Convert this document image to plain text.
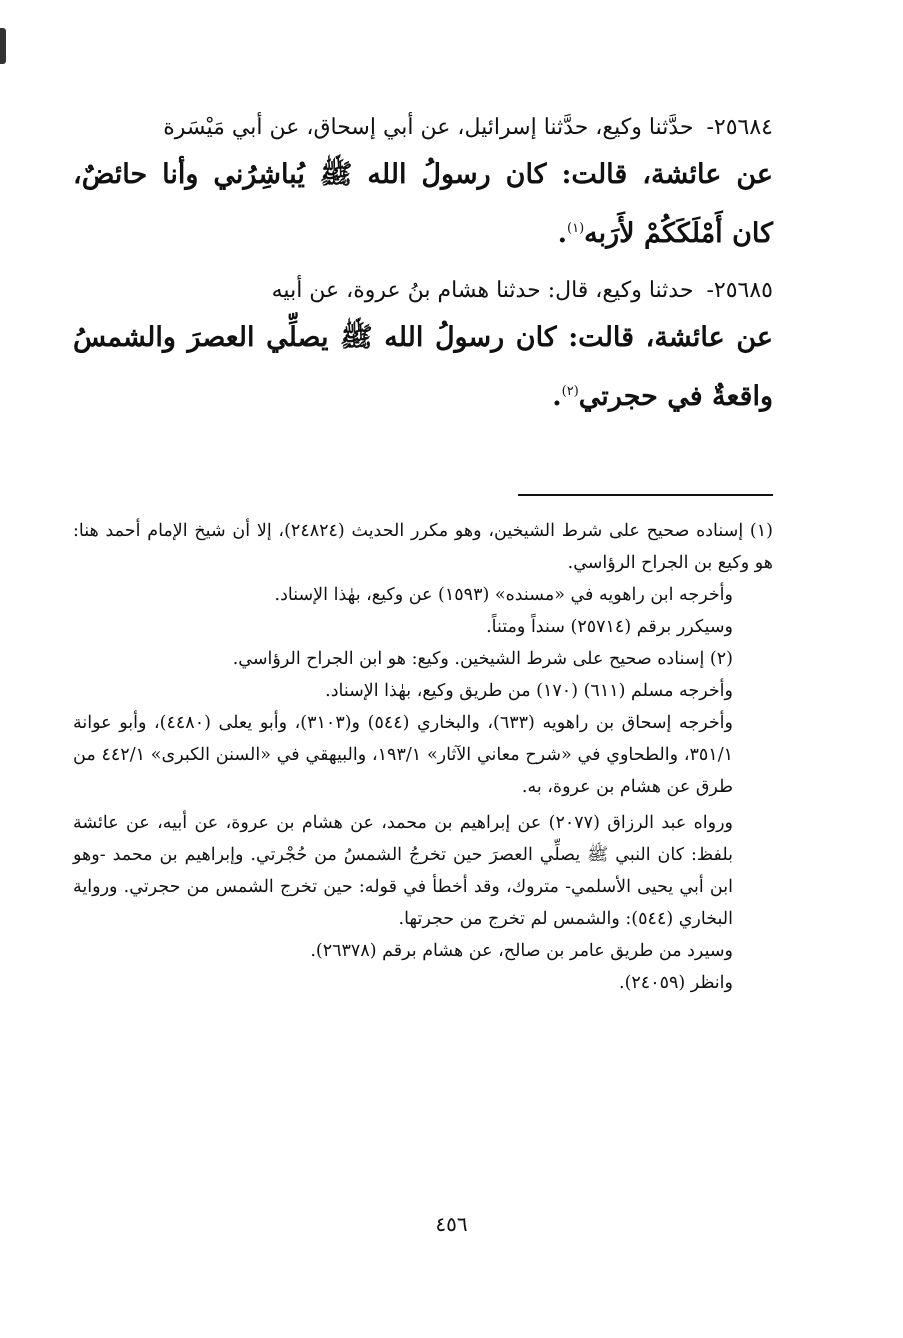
٢٥٦٨٤- حدَّثنا وكيع، حدَّثنا إسرائيل، عن أبي إسحاق، عن أبي مَيْسَرة

عن عائشة، قالت: كان رسولُ الله ﷺ يُباشِرُني وأنا حائضٌ، كان أَمْلَكَكُمْ لأَرَبه$^{(١)}$.

٢٥٦٨٥- حدثنا وكيع، قال: حدثنا هشام بنُ عروة، عن أبيه

عن عائشة، قالت: كان رسولُ الله ﷺ يصلِّي العصرَ والشمسُ واقعةٌ في حجرتي$^{(٢)}$.

(١) إسناده صحيح على شرط الشيخين، وهو مكرر الحديث (٢٤٨٢٤)، إلا أن شيخ الإمام أحمد هنا: هو وكيع بن الجراح الرؤاسي.

وأخرجه ابن راهويه في «مسنده» (١٥٩٣) عن وكيع، بهٰذا الإسناد.

وسيكرر برقم (٢٥٧١٤) سنداً ومتناً.

(٢) إسناده صحيح على شرط الشيخين. وكيع: هو ابن الجراح الرؤاسي.

وأخرجه مسلم (٦١١) (١٧٠) من طريق وكيع، بهٰذا الإسناد.

وأخرجه إسحاق بن راهويه (٦٣٣)، والبخاري (٥٤٤) و(٣١٠٣)، وأبو يعلى (٤٤٨٠)، وأبو عوانة ٣٥١/١، والطحاوي في «شرح معاني الآثار» ١٩٣/١، والبيهقي في «السنن الكبرى» ٤٤٢/١ من طرق عن هشام بن عروة، به.

ورواه عبد الرزاق (٢٠٧٧) عن إبراهيم بن محمد، عن هشام بن عروة، عن أبيه، عن عائشة بلفظ: كان النبي ﷺ يصلِّي العصرَ حين تخرجُ الشمسُ من حُجْرتي. وإبراهيم بن محمد -وهو ابن أبي يحيى الأسلمي- متروك، وقد أخطأ في قوله: حين تخرج الشمس من حجرتي. ورواية البخاري (٥٤٤): والشمس لم تخرج من حجرتها.

وسيرد من طريق عامر بن صالح، عن هشام برقم (٢٦٣٧٨).

وانظر (٢٤٠٥٩).

٤٥٦
